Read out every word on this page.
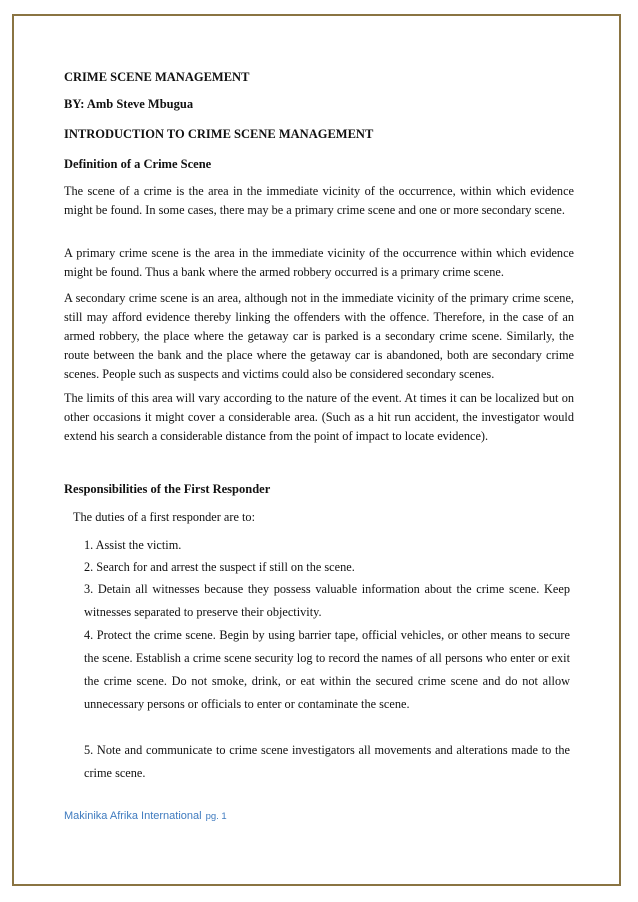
CRIME SCENE MANAGEMENT

BY: Amb Steve Mbugua

INTRODUCTION TO CRIME SCENE MANAGEMENT

Definition of a Crime Scene

The scene of a crime is the area in the immediate vicinity of the occurrence, within which evidence might be found. In some cases, there may be a primary crime scene and one or more secondary scene.

A primary crime scene is the area in the immediate vicinity of the occurrence within which evidence might be found. Thus a bank where the armed robbery occurred is a primary crime scene.

A secondary crime scene is an area, although not in the immediate vicinity of the primary crime scene, still may afford evidence thereby linking the offenders with the offence. Therefore, in the case of an armed robbery, the place where the getaway car is parked is a secondary crime scene. Similarly, the route between the bank and the place where the getaway car is abandoned, both are secondary crime scenes. People such as suspects and victims could also be considered secondary scenes.

The limits of this area will vary according to the nature of the event. At times it can be localized but on other occasions it might cover a considerable area. (Such as a hit run accident, the investigator would extend his search a considerable distance from the point of impact to locate evidence).

Responsibilities of the First Responder

The duties of a first responder are to:

1. Assist the victim.
2. Search for and arrest the suspect if still on the scene.
3. Detain all witnesses because they possess valuable information about the crime scene. Keep witnesses separated to preserve their objectivity.
4. Protect the crime scene. Begin by using barrier tape, official vehicles, or other means to secure the scene. Establish a crime scene security log to record the names of all persons who enter or exit the crime scene. Do not smoke, drink, or eat within the secured crime scene and do not allow unnecessary persons or officials to enter or contaminate the scene.
5. Note and communicate to crime scene investigators all movements and alterations made to the crime scene.
Makinika Afrika International pg. 1
